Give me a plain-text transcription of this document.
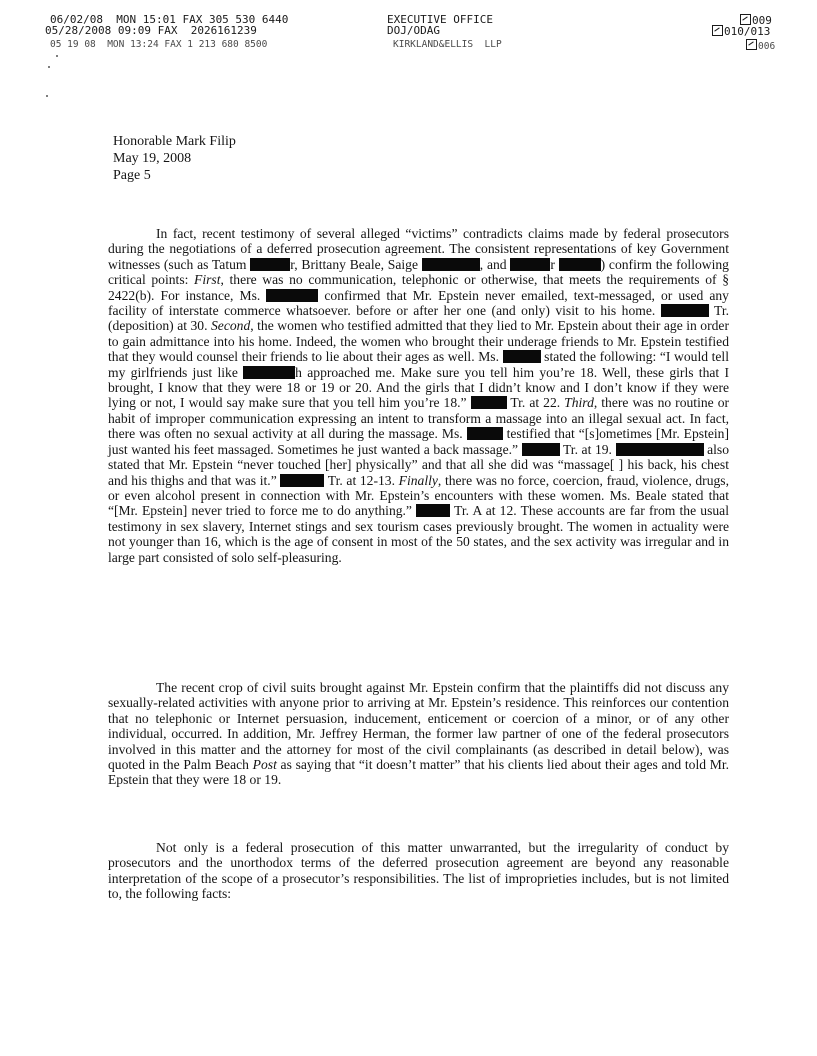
06/02/08  MON 15:01 FAX 305 530 6440	EXECUTIVE OFFICE	009
05/28/2008 09:09 FAX  2026161239	DOJ/ODAG	010/013
05 19 08  MON 13:24 FAX 1 213 680 8500	KIRKLAND&ELLIS  LLP	006
Honorable Mark Filip
May 19, 2008
Page 5

In fact, recent testimony of several alleged “victims” contradicts claims made by federal prosecutors during the negotiations of a deferred prosecution agreement. The consistent representations of key Government witnesses (such as Tatum	r, Brittany Beale, Saige	, and	r	) confirm the following critical points: First, there was no communication, telephonic or otherwise, that meets the requirements of § 2422(b). For instance, Ms.	confirmed that Mr. Epstein never emailed, text-messaged, or used any facility of interstate commerce whatsoever. before or after her one (and only) visit to his home.	Tr. (deposition) at 30. Second, the women who testified admitted that they lied to Mr. Epstein about their age in order to gain admittance into his home. Indeed, the women who brought their underage friends to Mr. Epstein testified that they would counsel their friends to lie about their ages as well. Ms.	stated the following: “I would tell my girlfriends just like	h approached me. Make sure you tell him you’re 18. Well, these girls that I brought, I know that they were 18 or 19 or 20. And the girls that I didn’t know and I don’t know if they were lying or not, I would say make sure that you tell him you’re 18.”	Tr. at 22. Third, there was no routine or habit of improper communication expressing an intent to transform a massage into an illegal sexual act. In fact, there was often no sexual activity at all during the massage. Ms.	testified that “[s]ometimes [Mr. Epstein] just wanted his feet massaged. Sometimes he just wanted a back massage.”	Tr. at 19.	also stated that Mr. Epstein “never touched [her] physically” and that all she did was “massage[ ] his back, his chest and his thighs and that was it.”	Tr. at 12-13. Finally, there was no force, coercion, fraud, violence, drugs, or even alcohol present in connection with Mr. Epstein’s encounters with these women. Ms. Beale stated that “[Mr. Epstein] never tried to force me to do anything.”	Tr. A at 12. These accounts are far from the usual testimony in sex slavery, Internet stings and sex tourism cases previously brought. The women in actuality were not younger than 16, which is the age of consent in most of the 50 states, and the sex activity was irregular and in large part consisted of solo self-pleasuring.

The recent crop of civil suits brought against Mr. Epstein confirm that the plaintiffs did not discuss any sexually-related activities with anyone prior to arriving at Mr. Epstein’s residence. This reinforces our contention that no telephonic or Internet persuasion, inducement, enticement or coercion of a minor, or of any other individual, occurred. In addition, Mr. Jeffrey Herman, the former law partner of one of the federal prosecutors involved in this matter and the attorney for most of the civil complainants (as described in detail below), was quoted in the Palm Beach Post as saying that “it doesn’t matter” that his clients lied about their ages and told Mr. Epstein that they were 18 or 19.

Not only is a federal prosecution of this matter unwarranted, but the irregularity of conduct by prosecutors and the unorthodox terms of the deferred prosecution agreement are beyond any reasonable interpretation of the scope of a prosecutor’s responsibilities. The list of improprieties includes, but is not limited to, the following facts:
